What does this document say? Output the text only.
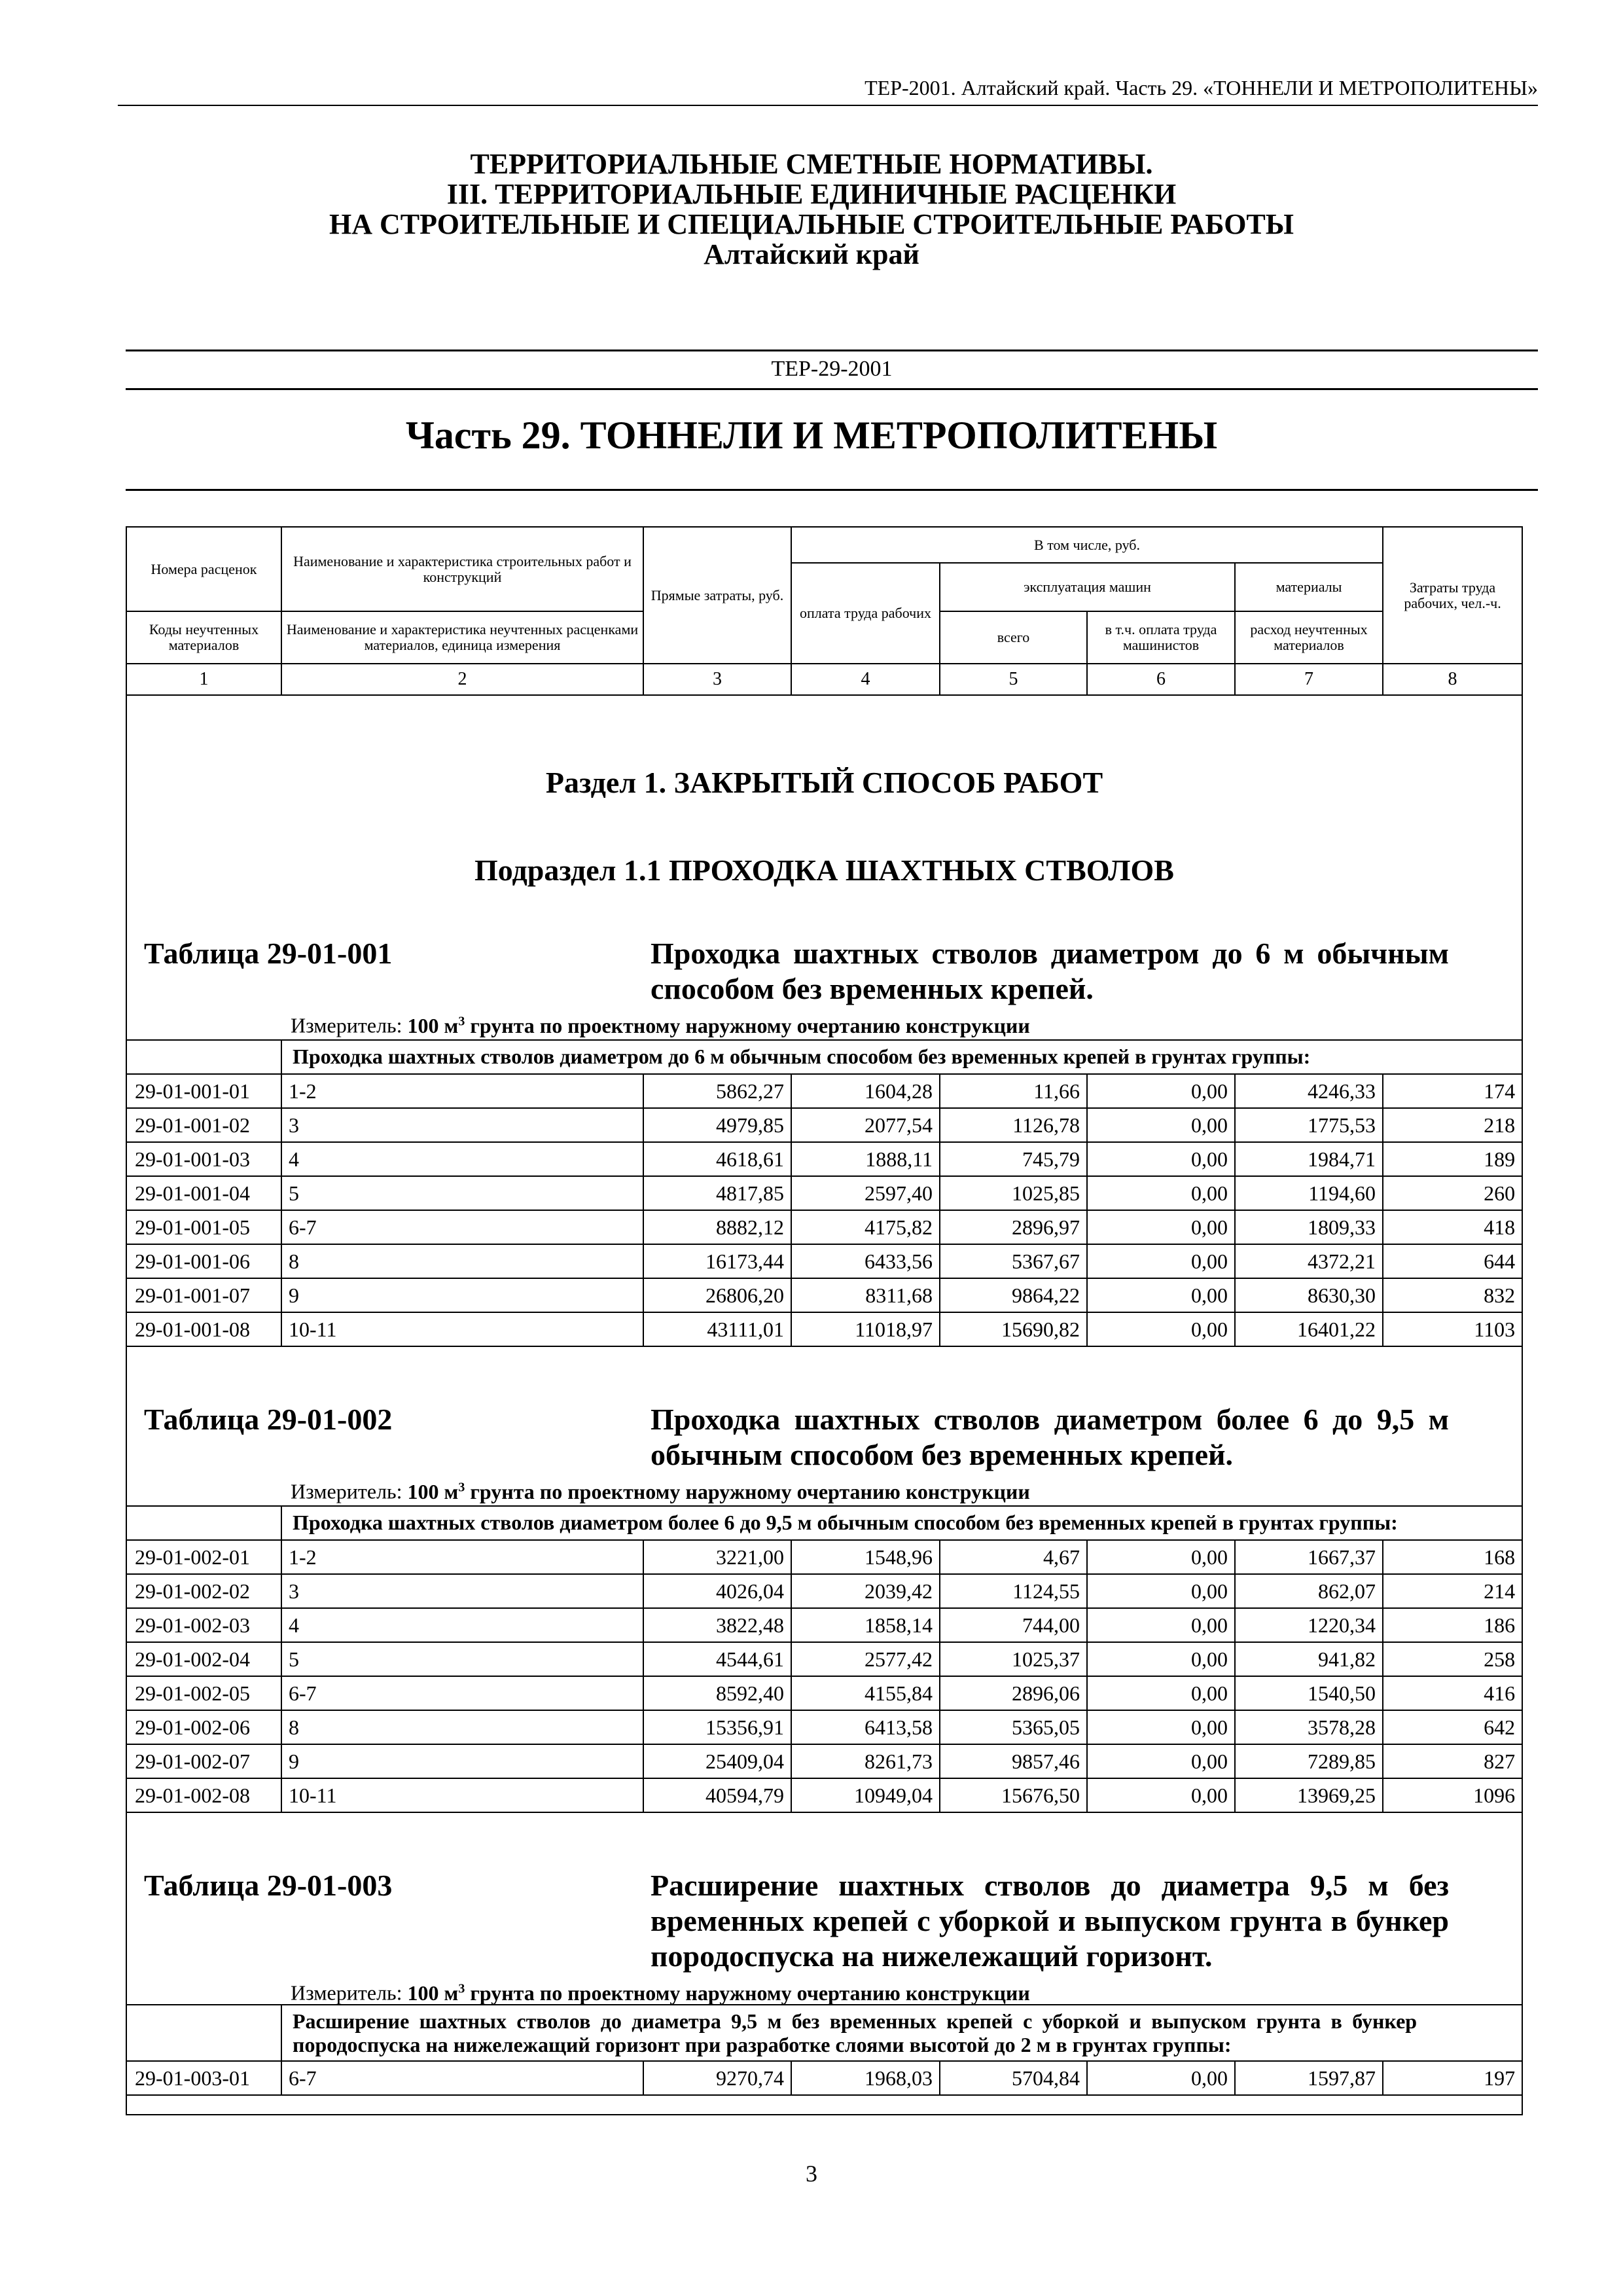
ТЕР-2001. Алтайский край. Часть 29. «ТОННЕЛИ И МЕТРОПОЛИТЕНЫ»
ТЕРРИТОРИАЛЬНЫЕ СМЕТНЫЕ НОРМАТИВЫ.
III. ТЕРРИТОРИАЛЬНЫЕ ЕДИНИЧНЫЕ РАСЦЕНКИ
НА СТРОИТЕЛЬНЫЕ И СПЕЦИАЛЬНЫЕ СТРОИТЕЛЬНЫЕ РАБОТЫ
Алтайский край
ТЕР-29-2001
Часть 29. ТОННЕЛИ И МЕТРОПОЛИТЕНЫ
Номера расценок	Наименование и характеристика строительных работ и конструкций	Прямые затраты, руб.	В том числе, руб.				Затраты труда рабочих, чел.-ч.
			оплата труда рабочих	эксплуатация машин		материалы	
Коды неучтенных материалов	Наименование и характеристика неучтенных расценками материалов, единица измерения			всего	в т.ч. оплата труда машинистов	расход неучтенных материалов	
1	2	3	4	5	6	7	8
Раздел 1. ЗАКРЫТЫЙ СПОСОБ РАБОТ
Подраздел 1.1 ПРОХОДКА ШАХТНЫХ СТВОЛОВ
Таблица 29-01-001	Проходка шахтных стволов диаметром до 6 м обычным способом без временных крепей.
Измеритель: 100 $м^3$ грунта по проектному наружному очертанию конструкции
	Проходка шахтных стволов диаметром до 6 м обычным способом без временных крепей в грунтах группы:						
29-01-001-01	1-2	5862,27	1604,28	11,66	0,00	4246,33	174
29-01-001-02	3	4979,85	2077,54	1126,78	0,00	1775,53	218
29-01-001-03	4	4618,61	1888,11	745,79	0,00	1984,71	189
29-01-001-04	5	4817,85	2597,40	1025,85	0,00	1194,60	260
29-01-001-05	6-7	8882,12	4175,82	2896,97	0,00	1809,33	418
29-01-001-06	8	16173,44	6433,56	5367,67	0,00	4372,21	644
29-01-001-07	9	26806,20	8311,68	9864,22	0,00	8630,30	832
29-01-001-08	10-11	43111,01	11018,97	15690,82	0,00	16401,22	1103
Таблица 29-01-002	Проходка шахтных стволов диаметром более 6 до 9,5 м обычным способом без временных крепей.
Измеритель: 100 $м^3$ грунта по проектному наружному очертанию конструкции
	Проходка шахтных стволов диаметром более 6 до 9,5 м обычным способом без временных крепей в грунтах группы:						
29-01-002-01	1-2	3221,00	1548,96	4,67	0,00	1667,37	168
29-01-002-02	3	4026,04	2039,42	1124,55	0,00	862,07	214
29-01-002-03	4	3822,48	1858,14	744,00	0,00	1220,34	186
29-01-002-04	5	4544,61	2577,42	1025,37	0,00	941,82	258
29-01-002-05	6-7	8592,40	4155,84	2896,06	0,00	1540,50	416
29-01-002-06	8	15356,91	6413,58	5365,05	0,00	3578,28	642
29-01-002-07	9	25409,04	8261,73	9857,46	0,00	7289,85	827
29-01-002-08	10-11	40594,79	10949,04	15676,50	0,00	13969,25	1096
Таблица 29-01-003	Расширение шахтных стволов до диаметра 9,5 м без временных крепей с уборкой и выпуском грунта в бункер породоспуска на нижележащий горизонт.
Измеритель: 100 $м^3$ грунта по проектному наружному очертанию конструкции
	Расширение шахтных стволов до диаметра 9,5 м без временных крепей с уборкой и выпуском грунта в бункер породоспуска на нижележащий горизонт при разработке слоями высотой до 2 м в грунтах группы:						
29-01-003-01	6-7	9270,74	1968,03	5704,84	0,00	1597,87	197
3
